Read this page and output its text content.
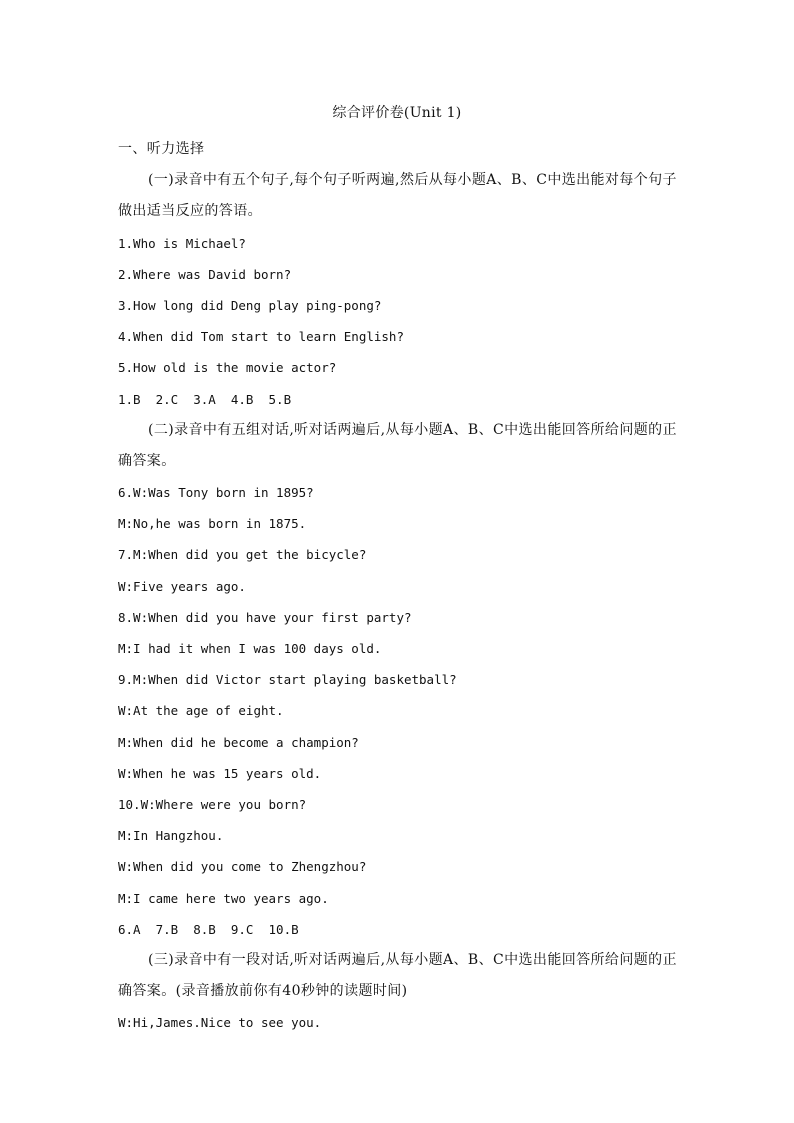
综合评价卷(Unit 1)
一、听力选择
(一)录音中有五个句子,每个句子听两遍,然后从每小题A、B、C中选出能对每个句子
做出适当反应的答语。
1.Who is Michael?
2.Where was David born?
3.How long did Deng play ping-pong?
4.When did Tom start to learn English?
5.How old is the movie actor?
1.B  2.C  3.A  4.B  5.B
(二)录音中有五组对话,听对话两遍后,从每小题A、B、C中选出能回答所给问题的正
确答案。
6.W:Was Tony born in 1895?
M:No,he was born in 1875.
7.M:When did you get the bicycle?
W:Five years ago.
8.W:When did you have your first party?
M:I had it when I was 100 days old.
9.M:When did Victor start playing basketball?
W:At the age of eight.
M:When did he become a champion?
W:When he was 15 years old.
10.W:Where were you born?
M:In Hangzhou.
W:When did you come to Zhengzhou?
M:I came here two years ago.
6.A  7.B  8.B  9.C  10.B
(三)录音中有一段对话,听对话两遍后,从每小题A、B、C中选出能回答所给问题的正
确答案。(录音播放前你有40秒钟的读题时间)
W:Hi,James.Nice to see you.
